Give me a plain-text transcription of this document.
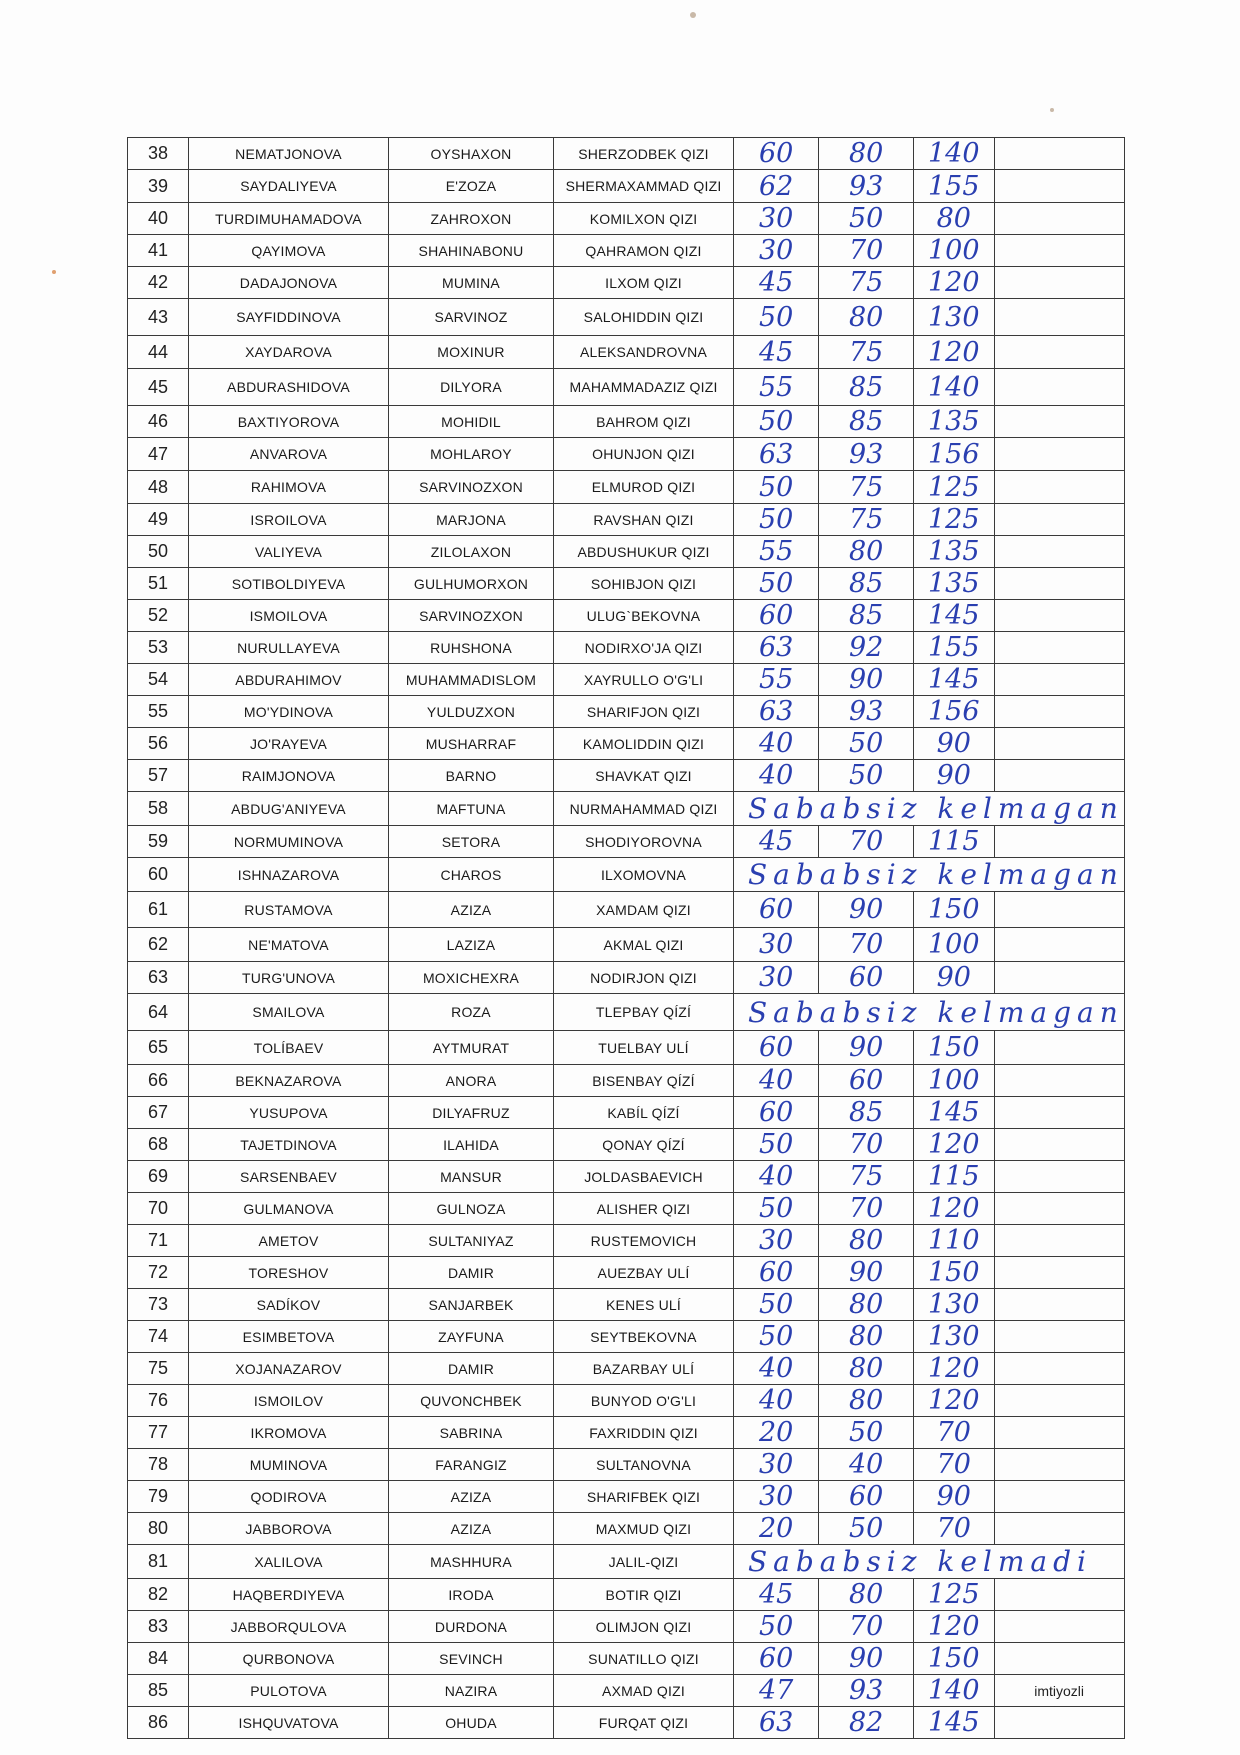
38	NEMATJONOVA	OYSHAXON	SHERZODBEK QIZI	60	80	140	
39	SAYDALIYEVA	E'ZOZA	SHERMAXAMMAD QIZI	62	93	155	
40	TURDIMUHAMADOVA	ZAHROXON	KOMILXON QIZI	30	50	80	
41	QAYIMOVA	SHAHINABONU	QAHRAMON QIZI	30	70	100	
42	DADAJONOVA	MUMINA	ILXOM QIZI	45	75	120	
43	SAYFIDDINOVA	SARVINOZ	SALOHIDDIN QIZI	50	80	130	
44	XAYDAROVA	MOXINUR	ALEKSANDROVNA	45	75	120	
45	ABDURASHIDOVA	DILYORA	MAHAMMADAZIZ QIZI	55	85	140	
46	BAXTIYOROVA	MOHIDIL	BAHROM QIZI	50	85	135	
47	ANVAROVA	MOHLAROY	OHUNJON QIZI	63	93	156	
48	RAHIMOVA	SARVINOZXON	ELMUROD QIZI	50	75	125	
49	ISROILOVA	MARJONA	RAVSHAN QIZI	50	75	125	
50	VALIYEVA	ZILOLAXON	ABDUSHUKUR QIZI	55	80	135	
51	SOTIBOLDIYEVA	GULHUMORXON	SOHIBJON QIZI	50	85	135	
52	ISMOILOVA	SARVINOZXON	ULUG`BEKOVNA	60	85	145	
53	NURULLAYEVA	RUHSHONA	NODIRXO'JA QIZI	63	92	155	
54	ABDURAHIMOV	MUHAMMADISLOM	XAYRULLO O'G'LI	55	90	145	
55	MO'YDINOVA	YULDUZXON	SHARIFJON QIZI	63	93	156	
56	JO'RAYEVA	MUSHARRAF	KAMOLIDDIN QIZI	40	50	90	
57	RAIMJONOVA	BARNO	SHAVKAT QIZI	40	50	90	
58	ABDUG'ANIYEVA	MAFTUNA	NURMAHAMMAD QIZI	Sababsiz kelmagan			
59	NORMUMINOVA	SETORA	SHODIYOROVNA	45	70	115	
60	ISHNAZAROVA	CHAROS	ILXOMOVNA	Sababsiz kelmagan			
61	RUSTAMOVA	AZIZA	XAMDAM QIZI	60	90	150	
62	NE'MATOVA	LAZIZA	AKMAL QIZI	30	70	100	
63	TURG'UNOVA	MOXICHEXRA	NODIRJON QIZI	30	60	90	
64	SMAILOVA	ROZA	TLEPBAY QÍZÍ	Sababsiz kelmagan			
65	TOLÍBAEV	AYTMURAT	TUELBAY ULÍ	60	90	150	
66	BEKNAZAROVA	ANORA	BISENBAY QÍZÍ	40	60	100	
67	YUSUPOVA	DILYAFRUZ	KABÍL QÍZÍ	60	85	145	
68	TAJETDINOVA	ILAHIDA	QONAY QÍZÍ	50	70	120	
69	SARSENBAEV	MANSUR	JOLDASBAEVICH	40	75	115	
70	GULMANOVA	GULNOZA	ALISHER QIZI	50	70	120	
71	AMETOV	SULTANIYAZ	RUSTEMOVICH	30	80	110	
72	TORESHOV	DAMIR	AUEZBAY ULÍ	60	90	150	
73	SADÍKOV	SANJARBEK	KENES ULÍ	50	80	130	
74	ESIMBETOVA	ZAYFUNA	SEYTBEKOVNA	50	80	130	
75	XOJANAZAROV	DAMIR	BAZARBAY ULÍ	40	80	120	
76	ISMOILOV	QUVONCHBEK	BUNYOD O'G'LI	40	80	120	
77	IKROMOVA	SABRINA	FAXRIDDIN QIZI	20	50	70	
78	MUMINOVA	FARANGIZ	SULTANOVNA	30	40	70	
79	QODIROVA	AZIZA	SHARIFBEK QIZI	30	60	90	
80	JABBOROVA	AZIZA	MAXMUD QIZI	20	50	70	
81	XALILOVA	MASHHURA	JALIL-QIZI	Sababsiz kelmadi			
82	HAQBERDIYEVA	IRODA	BOTIR QIZI	45	80	125	
83	JABBORQULOVA	DURDONA	OLIMJON QIZI	50	70	120	
84	QURBONOVA	SEVINCH	SUNATILLO QIZI	60	90	150	
85	PULOTOVA	NAZIRA	AXMAD QIZI	47	93	140	imtiyozli
86	ISHQUVATOVA	OHUDA	FURQAT QIZI	63	82	145	
